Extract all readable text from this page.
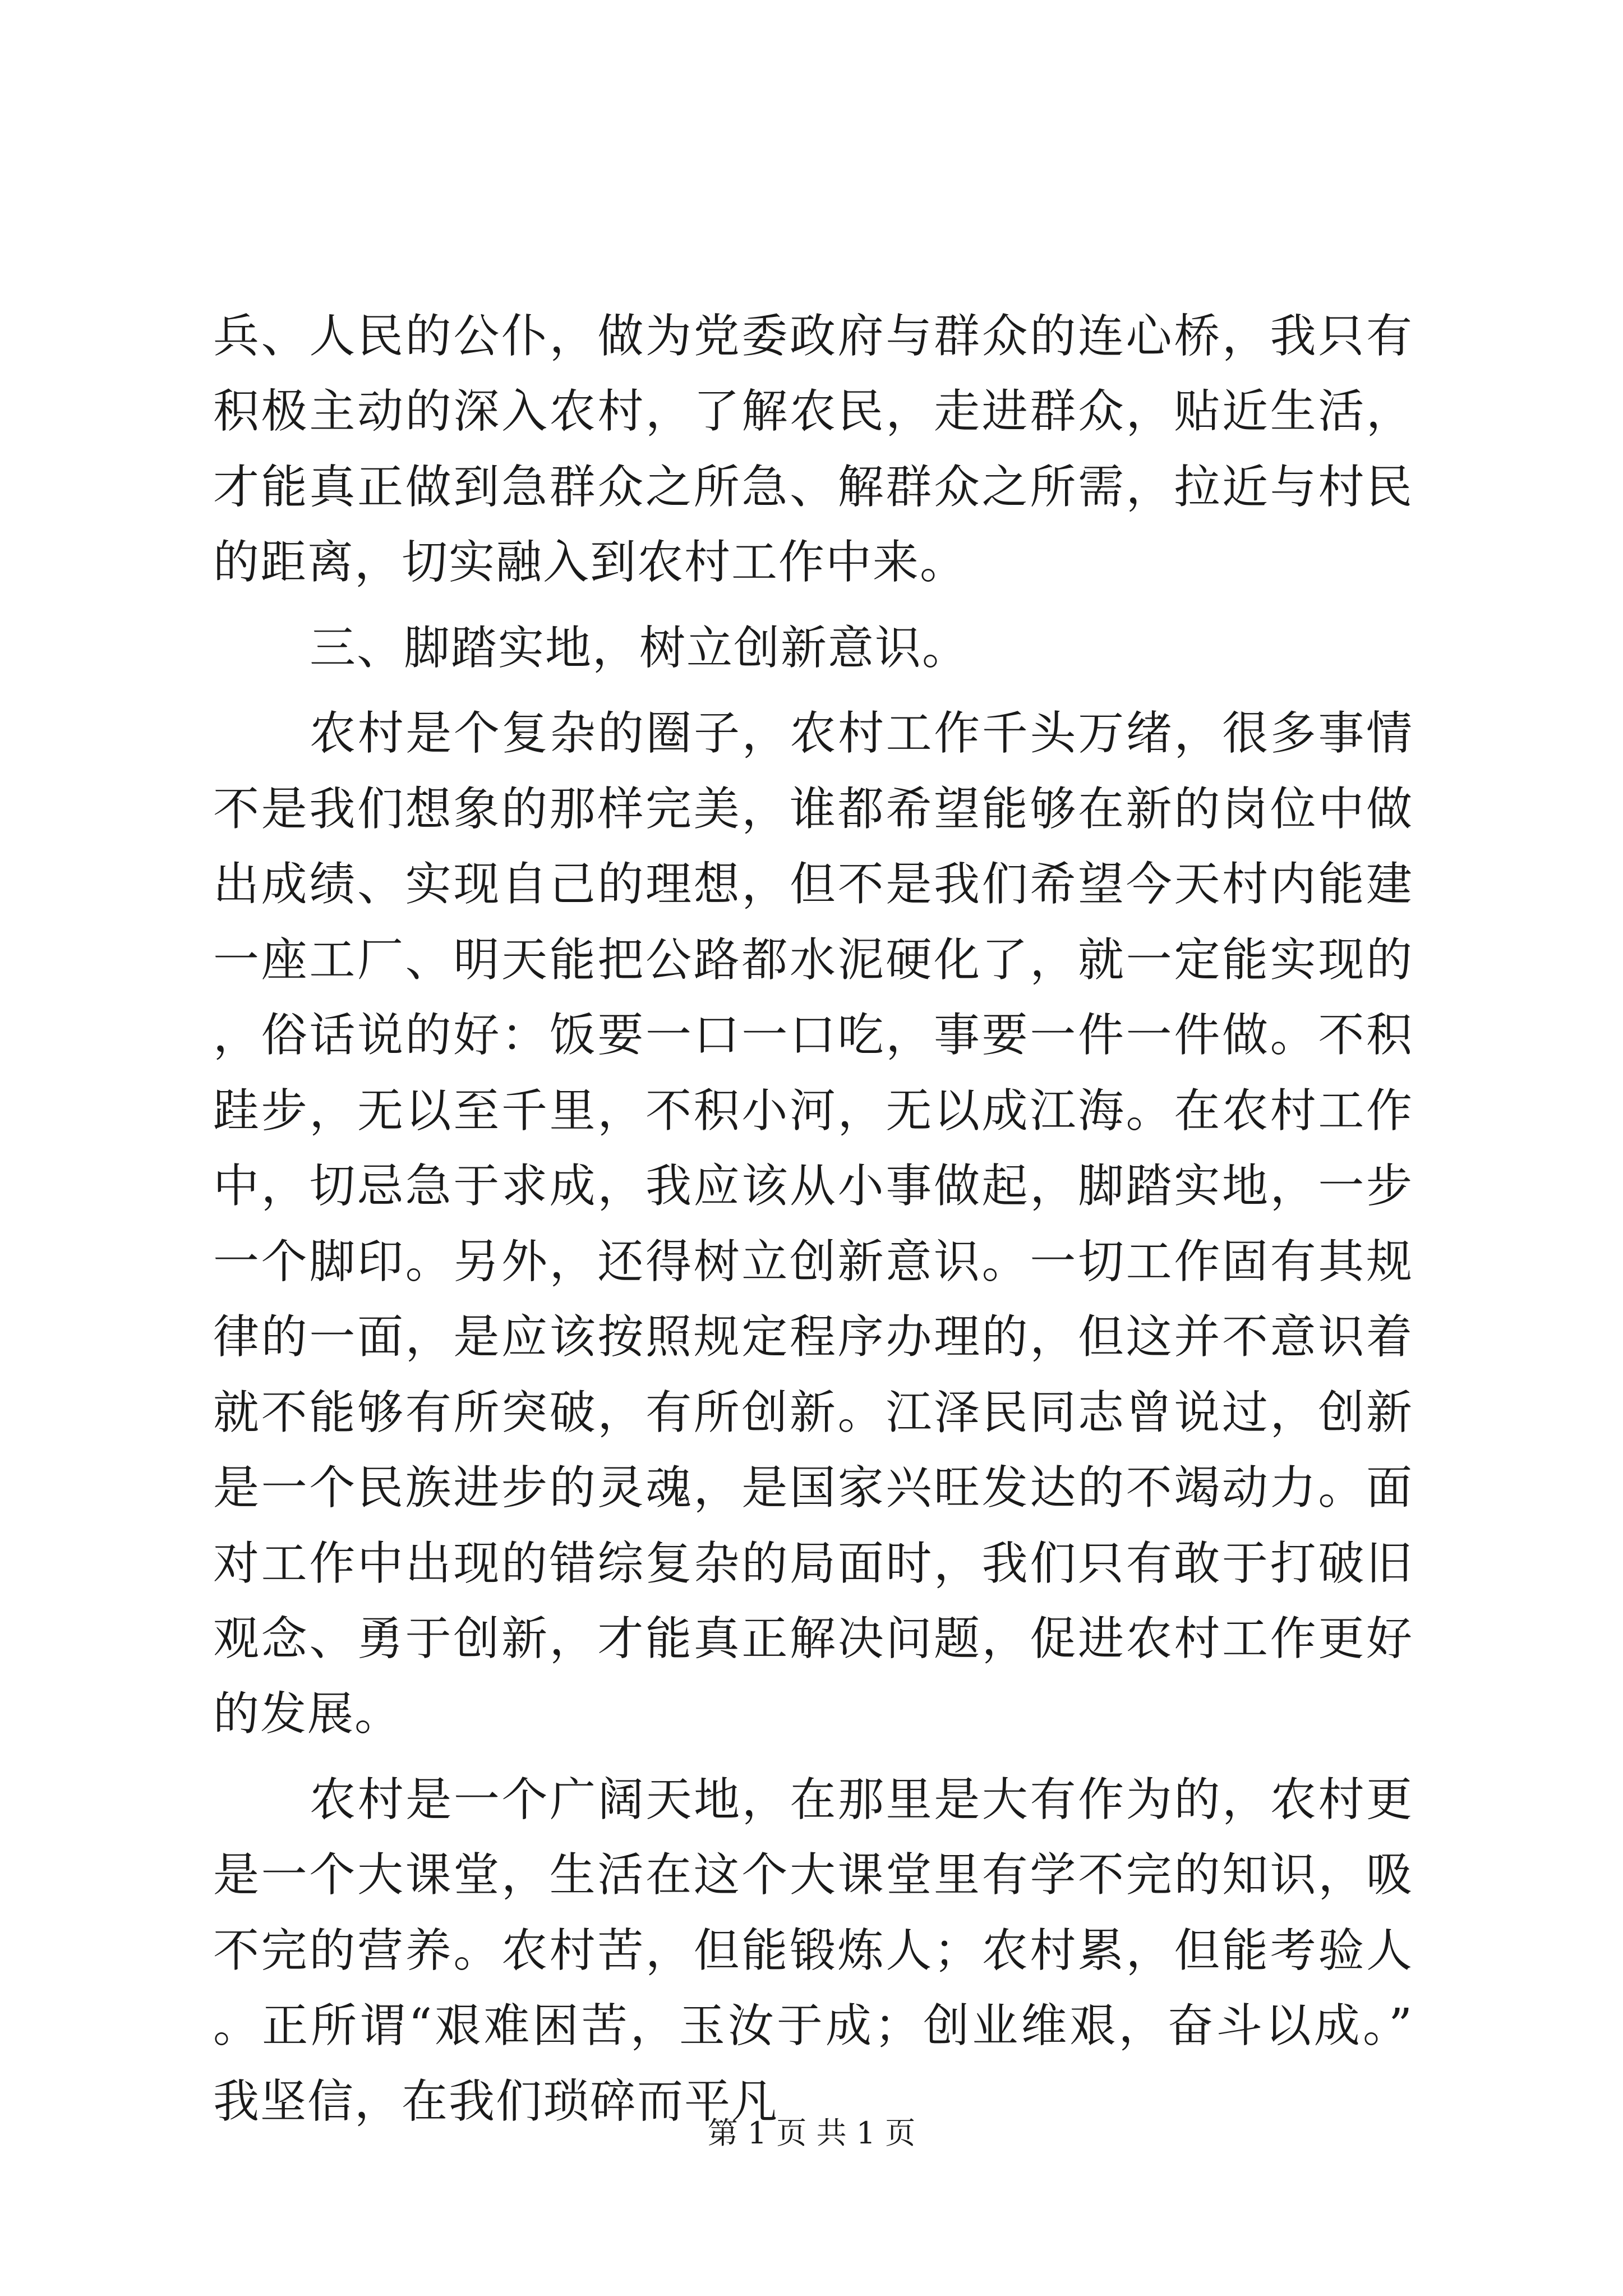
兵、人民的公仆，做为党委政府与群众的连心桥，我只有积极主动的深入农村，了解农民，走进群众，贴近生活，才能真正做到急群众之所急、解群众之所需，拉近与村民的距离，切实融入到农村工作中来。

三、脚踏实地，树立创新意识。

农村是个复杂的圈子，农村工作千头万绪，很多事情不是我们想象的那样完美，谁都希望能够在新的岗位中做出成绩、实现自己的理想，但不是我们希望今天村内能建一座工厂、明天能把公路都水泥硬化了，就一定能实现的，俗话说的好：饭要一口一口吃，事要一件一件做。不积跬步，无以至千里，不积小河，无以成江海。在农村工作中，切忌急于求成，我应该从小事做起，脚踏实地，一步一个脚印。另外，还得树立创新意识。一切工作固有其规律的一面，是应该按照规定程序办理的，但这并不意识着就不能够有所突破，有所创新。江泽民同志曾说过，创新是一个民族进步的灵魂，是国家兴旺发达的不竭动力。面对工作中出现的错综复杂的局面时，我们只有敢于打破旧观念、勇于创新，才能真正解决问题，促进农村工作更好的发展。

农村是一个广阔天地，在那里是大有作为的，农村更是一个大课堂，生活在这个大课堂里有学不完的知识，吸不完的营养。农村苦，但能锻炼人；农村累，但能考验人。正所谓“艰难困苦，玉汝于成；创业维艰，奋斗以成。”我坚信，在我们琐碎而平凡

第 1 页 共 1 页
